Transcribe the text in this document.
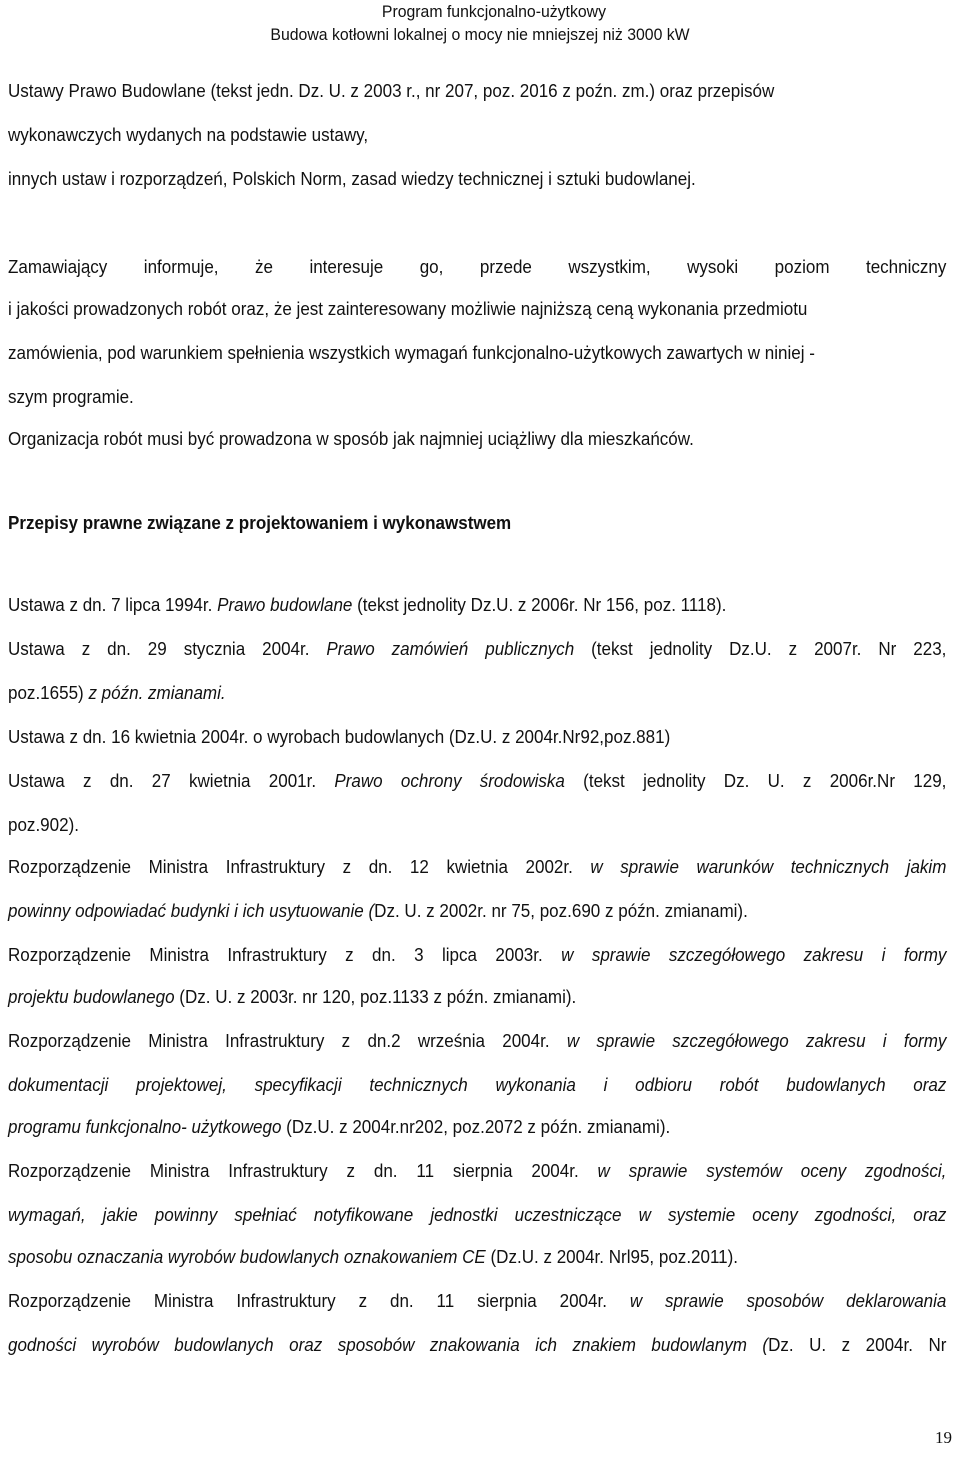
Program funkcjonalno-użytkowy
Budowa kotłowni lokalnej o mocy nie mniejszej niż 3000 kW
Ustawy Prawo Budowlane (tekst jedn. Dz. U. z 2003 r., nr 207, poz. 2016 z poźn. zm.) oraz przepisów
wykonawczych wydanych na podstawie ustawy,
innych ustaw i rozporządzeń, Polskich Norm, zasad wiedzy technicznej i sztuki budowlanej.
Zamawiający informuje, że interesuje go, przede wszystkim, wysoki poziom techniczny
i jakości prowadzonych robót oraz, że jest zainteresowany możliwie najniższą ceną wykonania przedmiotu
zamówienia, pod warunkiem spełnienia wszystkich wymagań funkcjonalno-użytkowych zawartych w niniej -
szym programie.
Organizacja robót musi być prowadzona w sposób jak najmniej uciążliwy dla mieszkańców.
Przepisy prawne związane z projektowaniem i wykonawstwem
Ustawa z dn. 7 lipca 1994r. Prawo budowlane (tekst jednolity Dz.U. z 2006r. Nr 156, poz. 1118).
Ustawa z dn. 29 stycznia 2004r. Prawo zamówień publicznych (tekst jednolity Dz.U. z 2007r. Nr 223,
poz.1655) z późn. zmianami.
Ustawa z dn. 16 kwietnia 2004r. o wyrobach budowlanych (Dz.U. z 2004r.Nr92,poz.881)
Ustawa z dn. 27 kwietnia 2001r. Prawo ochrony środowiska (tekst jednolity Dz. U. z 2006r.Nr 129,
poz.902).
Rozporządzenie Ministra Infrastruktury z dn. 12 kwietnia 2002r. w sprawie warunków technicznych jakim
powinny odpowiadać budynki i ich usytuowanie (Dz. U. z 2002r. nr 75, poz.690 z późn. zmianami).
Rozporządzenie Ministra Infrastruktury z dn. 3 lipca 2003r. w sprawie szczegółowego zakresu i formy
projektu budowlanego (Dz. U. z 2003r. nr 120, poz.1133 z późn. zmianami).
Rozporządzenie Ministra Infrastruktury z dn.2 września 2004r. w sprawie szczegółowego zakresu i formy
dokumentacji projektowej, specyfikacji technicznych wykonania i odbioru robót budowlanych oraz
programu funkcjonalno- użytkowego (Dz.U. z 2004r.nr202, poz.2072 z późn. zmianami).
Rozporządzenie Ministra Infrastruktury z dn. 11 sierpnia 2004r. w sprawie systemów oceny zgodności,
wymagań, jakie powinny spełniać notyfikowane jednostki uczestniczące w systemie oceny zgodności, oraz
sposobu oznaczania wyrobów budowlanych oznakowaniem CE (Dz.U. z 2004r. Nrl95, poz.2011).
Rozporządzenie Ministra Infrastruktury z dn. 11 sierpnia 2004r. w sprawie sposobów deklarowania
godności wyrobów budowlanych oraz sposobów znakowania ich znakiem budowlanym (Dz. U. z 2004r. Nr
19
